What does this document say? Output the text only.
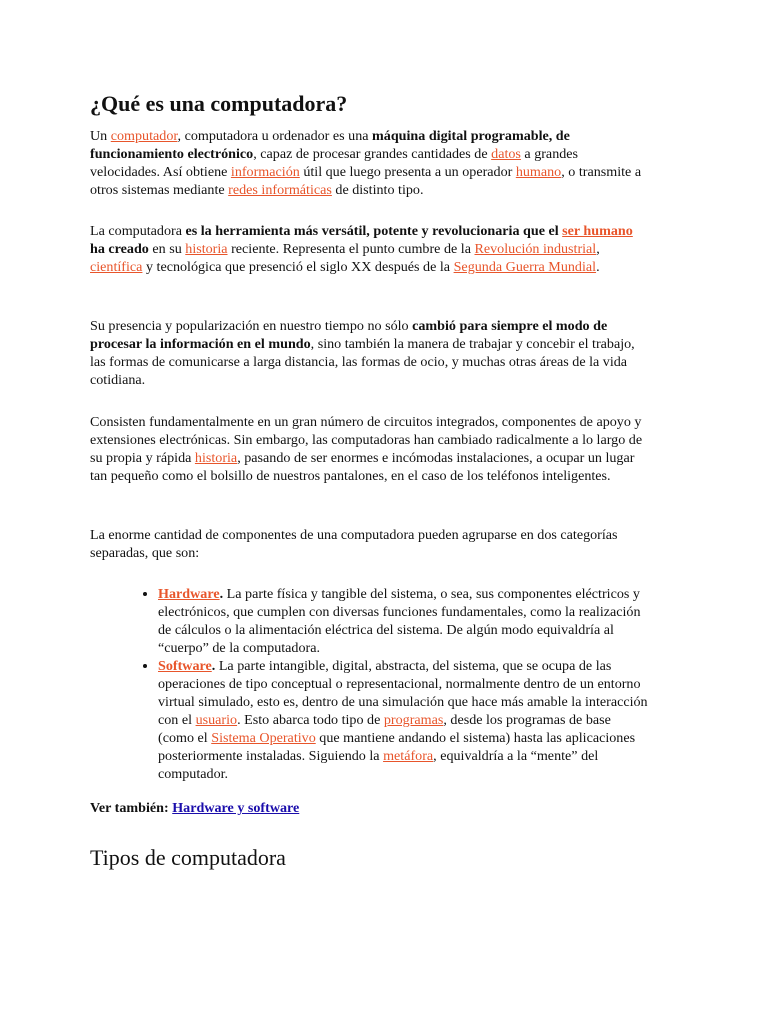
¿Qué es una computadora?

Un computador, computadora u ordenador es una máquina digital programable, de funcionamiento electrónico, capaz de procesar grandes cantidades de datos a grandes velocidades. Así obtiene información útil que luego presenta a un operador humano, o transmite a otros sistemas mediante redes informáticas de distinto tipo.

La computadora es la herramienta más versátil, potente y revolucionaria que el ser humano ha creado en su historia reciente. Representa el punto cumbre de la Revolución industrial, científica y tecnológica que presenció el siglo XX después de la Segunda Guerra Mundial.

Su presencia y popularización en nuestro tiempo no sólo cambió para siempre el modo de procesar la información en el mundo, sino también la manera de trabajar y concebir el trabajo, las formas de comunicarse a larga distancia, las formas de ocio, y muchas otras áreas de la vida cotidiana.

Consisten fundamentalmente en un gran número de circuitos integrados, componentes de apoyo y extensiones electrónicas. Sin embargo, las computadoras han cambiado radicalmente a lo largo de su propia y rápida historia, pasando de ser enormes e incómodas instalaciones, a ocupar un lugar tan pequeño como el bolsillo de nuestros pantalones, en el caso de los teléfonos inteligentes.

La enorme cantidad de componentes de una computadora pueden agruparse en dos categorías separadas, que son:

• Hardware. La parte física y tangible del sistema, o sea, sus componentes eléctricos y electrónicos, que cumplen con diversas funciones fundamentales, como la realización de cálculos o la alimentación eléctrica del sistema. De algún modo equivaldría al “cuerpo” de la computadora.
• Software. La parte intangible, digital, abstracta, del sistema, que se ocupa de las operaciones de tipo conceptual o representacional, normalmente dentro de un entorno virtual simulado, esto es, dentro de una simulación que hace más amable la interacción con el usuario. Esto abarca todo tipo de programas, desde los programas de base (como el Sistema Operativo que mantiene andando el sistema) hasta las aplicaciones posteriormente instaladas. Siguiendo la metáfora, equivaldría a la “mente” del computador.

Ver también: Hardware y software

Tipos de computadora
